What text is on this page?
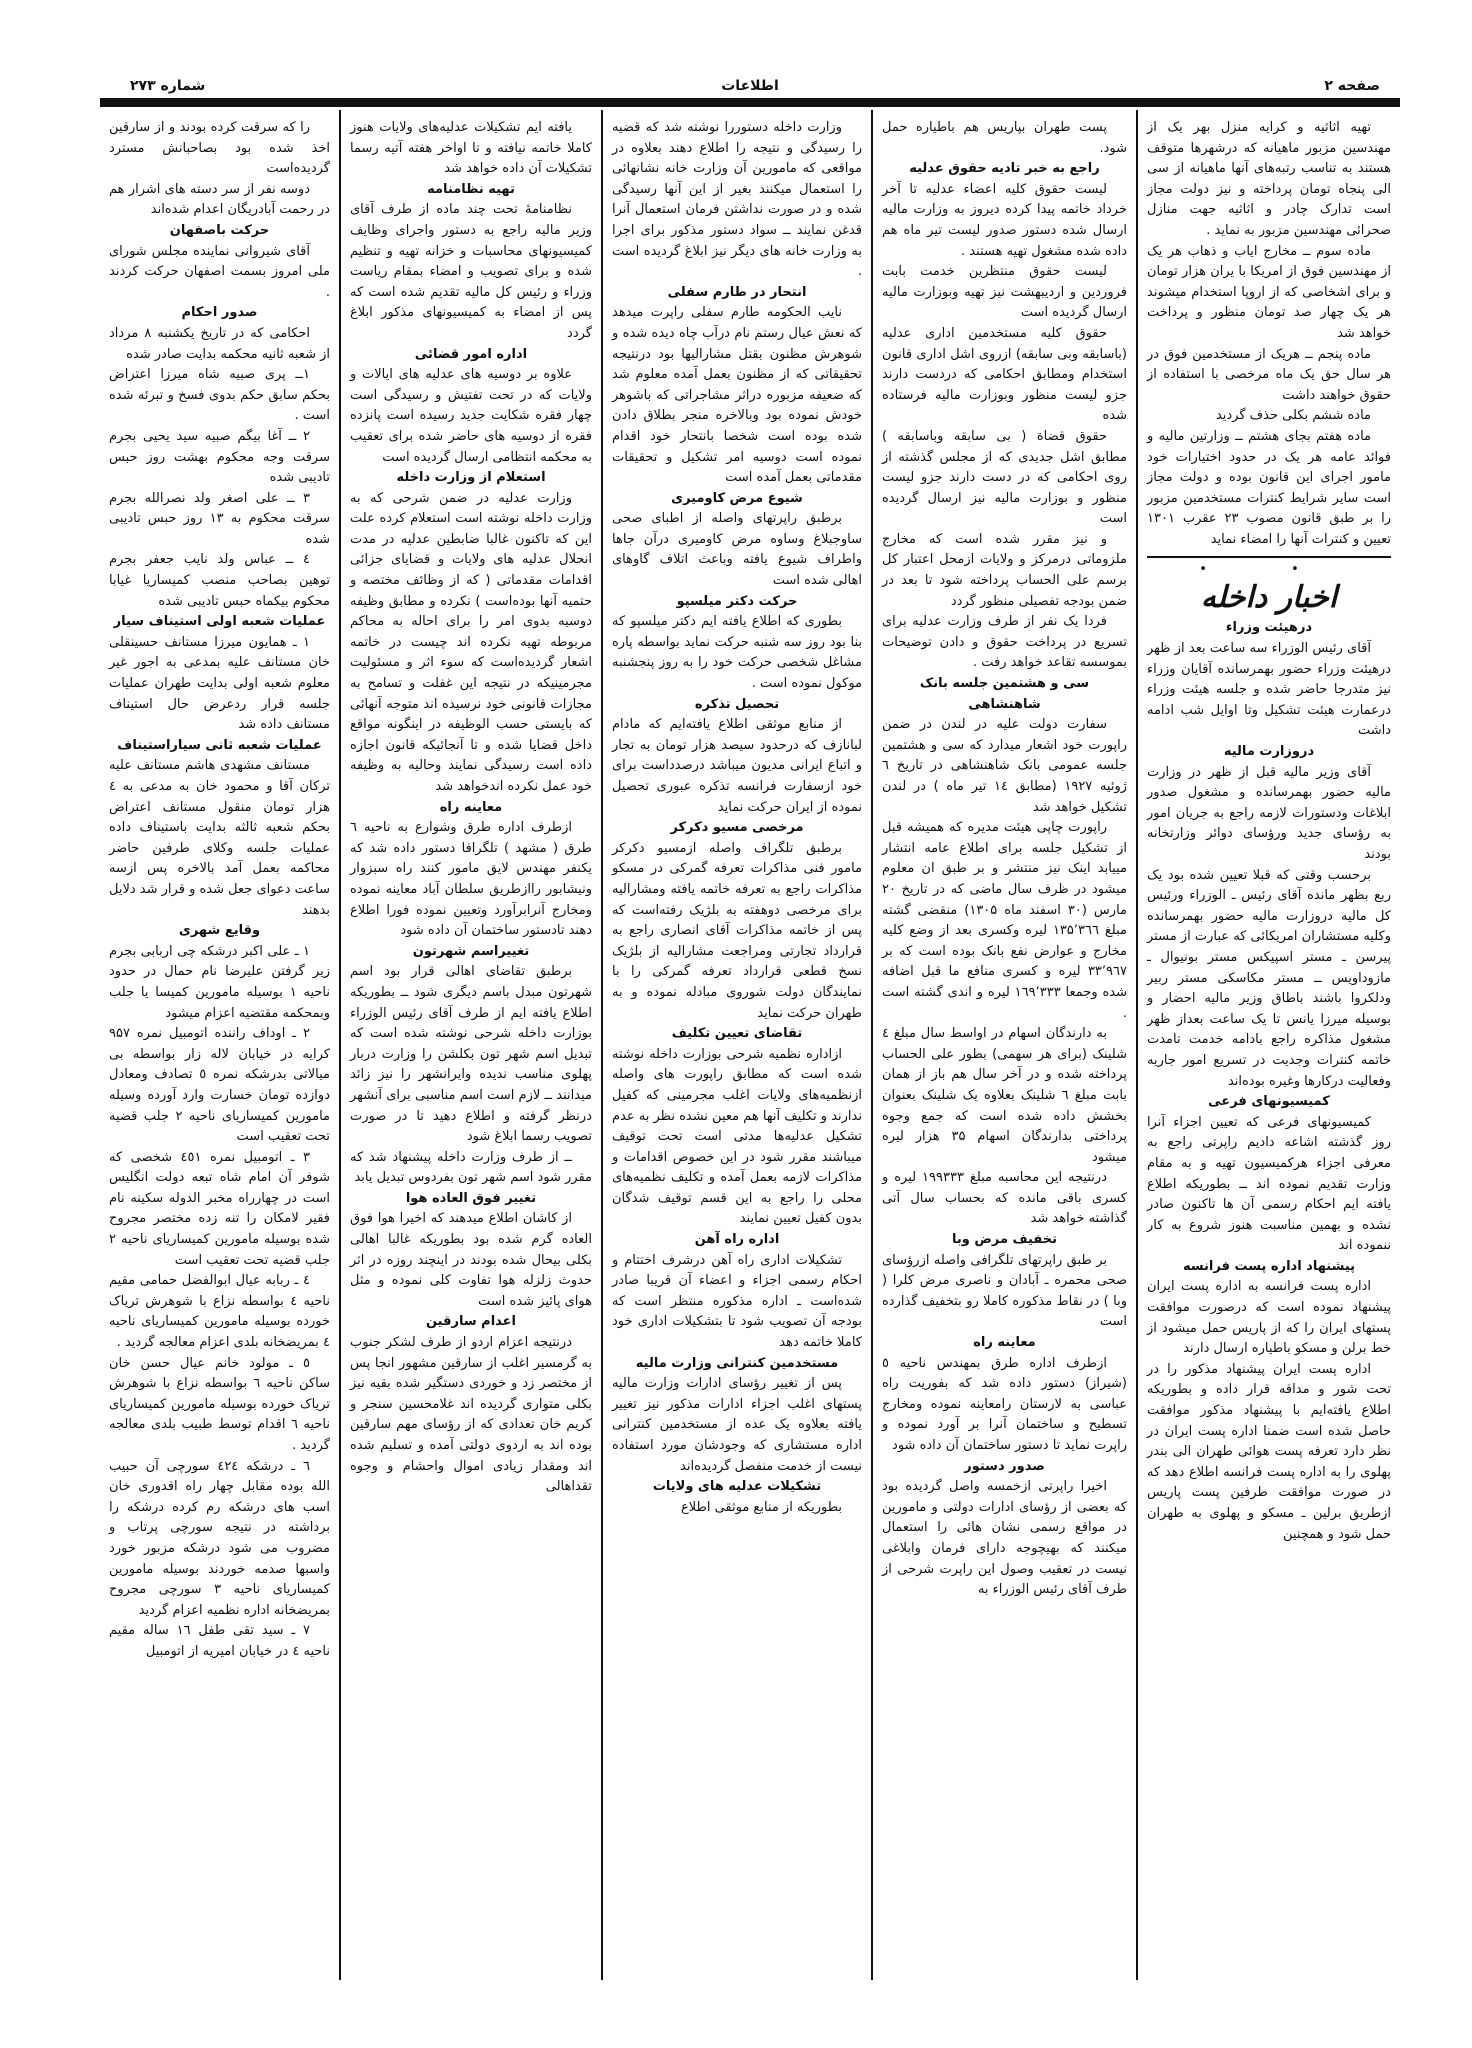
صفحه ۲
اطلاعات
شماره ۲۷۳

تهیه اثاثیه و کرایه منزل بهر یک از مهندسین مزبور ماهیانه که درشهرها متوقف هستند به تناسب رتبه‌های آنها ماهیانه از سی الی پنجاه تومان پرداخته و نیز دولت مجاز است تدارک چادر و اثاثیه جهت منازل صحرائی مهندسین مزبور به نماید .

ماده سوم ــ مخارج ایاب و ذهاب هر یک از مهندسین فوق از امریکا با یران هزار تومان و برای اشخاصی که از اروپا استخدام میشوند هر یک چهار صد تومان منظور و پرداخت خواهد شد

ماده پنجم ــ هریک از مستخدمین فوق در هر سال حق یک ماه مرخصی با استفاده از حقوق خواهند داشت

ماده ششم بکلی حذف گردید

ماده هفتم بجای هشتم ــ وزارتین مالیه و فوائد عامه هر یک در حدود اختیارات خود مامور اجرای این قانون بوده و دولت مجاز است سایر شرایط کنترات مستخدمین مزبور را بر طبق قانون مصوب ۲۳ عقرب ۱۳۰۱ تعیین و کنترات آنها را امضاء نماید

• •
اخبار داخله
درهیئت وزراء

آقای رئیس الوزراء سه ساعت بعد از ظهر درهیئت وزراء حضور بهمرسانده آقایان وزراء نیز متدرجا حاضر شده و جلسه هیئت وزراء درعمارت هیئت تشکیل وتا اوایل شب ادامه داشت

دروزارت مالیه

آقای وزیر مالیه قبل از ظهر در وزارت مالیه حضور بهمرسانده و مشغول صدور ابلاغات ودستورات لازمه راجع به جریان امور به رؤسای جدید ورؤسای دوائر وزارتخانه بودند

برحسب وقتی که قبلا تعیین شده بود یک ربع بظهر مانده آقای رئیس ـ الوزراء ورئیس کل مالیه دروزارت مالیه حضور بهمرسانده وکلیه مستشاران امریکائی که عبارت از مستر پیرسن ـ مستر اسپیکس مستر بونیوال ـ مازوداویس ــ مستر مکاسکی مستر ربیر ودلکروا باشند باطاق وزیر مالیه احضار و بوسیله میرزا یانس تا یک ساعت بعداز ظهر مشغول مذاکره راجع بادامه خدمت تامدت خاتمه کنترات وجدیت در تسریع امور جاریه وفعالیت درکارها وغیره بوده‌اند

کمیسیونهای فرعی

کمیسیونهای فرعی که تعیین اجزاء آنرا روز گذشته اشاعه دادیم راپرتی راجع به معرفی اجزاء هرکمیسیون تهیه و به مقام وزارت تقدیم نموده اند ــ بطوریکه اطلاع یافته ایم احکام رسمی آن ها تاکنون صادر نشده و بهمین مناسبت هنوز شروع به کار ننموده اند

پیشنهاد اداره پست فرانسه

اداره پست فرانسه به اداره پست ایران پیشنهاد نموده است که درصورت موافقت پستهای ایران را که از پاریس حمل میشود از خط برلن و مسکو باطیاره ارسال دارند

اداره پست ایران پیشنهاد مذکور را در تحت شور و مداقه قرار داده و بطوریکه اطلاع یافته‌ایم با پیشنهاد مذکور موافقت حاصل شده است ضمنا اداره پست ایران در نظر دارد تعرفه پست هوائی طهران الی بندر پهلوی را به اداره پست فرانسه اطلاع دهد که در صورت موافقت طرفین پست پاریس ازطریق برلین ـ مسکو و پهلوی به طهران حمل شود و همچنین

پست طهران بپاریس هم باطیاره حمل شود.

راجع به خبر تادیه حقوق عدلیه

لیست حقوق کلیه اعضاء عدلیه تا آخر خرداد خاتمه پیدا کرده دیروز به وزارت مالیه ارسال شده دستور صدور لیست تیر ماه هم داده شده مشغول تهیه هستند .

لیست حقوق منتظرین خدمت بابت فروردین و اردیبهشت نیز تهیه وبوزارت مالیه ارسال گردیده است

حقوق کلیه مستخدمین اداری عدلیه (باسابقه وبی سابقه) ازروی اشل اداری قانون استخدام ومطابق احکامی که دردست دارند جزو لیست منظور وبوزارت مالیه فرستاده شده

حقوق قضاة ( بی سابقه وباسابقه ) مطابق اشل جدیدی که از مجلس گذشته از روی احکامی که در دست دارند جزو لیست منظور و بوزارت مالیه نیز ارسال گردیده است

و نیز مقرر شده است که مخارج ملزوماتی درمرکز و ولایات ازمحل اعتبار کل برسم علی الحساب پرداخته شود تا بعد در ضمن بودجه تفصیلی منظور گردد

فردا یک نفر از طرف وزارت عدلیه برای تسریع در پرداخت حقوق و دادن توضیحات بموسسه تقاعد خواهد رفت .

سی و هشتمین جلسه بانک شاهنشاهی

سفارت دولت علیه در لندن در ضمن راپورت خود اشعار میدارد که سی و هشتمین جلسه عمومی بانک شاهنشاهی در تاریخ ٦ ژوئیه ۱۹۲۷ (مطابق ۱٤ تیر ماه ) در لندن تشکیل خواهد شد

راپورت چاپی هیئت مدیره که همیشه قبل از تشکیل جلسه برای اطلاع عامه انتشار مییابد اینک نیز منتشر و بر طبق ان معلوم میشود در ظرف سال ماضی که در تاریخ ۲۰ مارس (۳۰ اسفند ماه ۱۳۰۵) منقضی گشته مبلغ ۱۳۵٬۳٦٦ لیره وکسری بعد از وضع کلیه مخارج و عوارض نفع بانک بوده است که بر ۳۳٬۹٦۷ لیره و کسری منافع ما قبل اضافه شده وجمعا ۱٦۹٬۳۳۳ لیره و اندی گشته است .

به دارندگان اسهام در اواسط سال مبلغ ٤ شلینک (برای هر سهمی) بطور علی الحساب پرداخته شده و در آخر سال هم باز از همان بابت مبلغ ٦ شلینک بعلاوه یک شلینک بعنوان بخشش داده شده است که جمع وجوه پرداختی بدارندگان اسهام ۳۵ هزار لیره میشود

درنتیجه این محاسبه مبلغ ۱۹۹۳۳۳ لیره و کسری باقی مانده که بحساب سال آتی گذاشته خواهد شد

تخفیف مرض وبا

بر طبق راپرتهای تلگرافی واصله ازرؤسای صحی محمره ـ آبادان و ناصری مرض کلرا ( وبا ) در نقاط مذکوره کاملا رو بتخفیف گذارده است

معاینه راه

ازطرف اداره طرق بمهندس ناحیه ٥ (شیراز) دستور داده شد که بفوریت راه عباسی به لارستان رامعاینه نموده ومخارج تسطیح و ساختمان آنرا بر آورد نموده و راپرت نماید تا دستور ساختمان آن داده شود

صدور دستور

اخیرا راپرتی ازخمسه واصل گردیده بود که بعضی از رؤسای ادارات دولتی و مامورین در مواقع رسمی نشان هائی را استعمال میکنند که بهیچوجه دارای فرمان وابلاغی نیست در تعقیب وصول این راپرت شرحی از طرف آقای رئیس الوزراء به

وزارت داخله دستوررا نوشته شد که قضیه را رسیدگی و نتیجه را اطلاع دهند بعلاوه در مواقعی که مامورین آن وزارت خانه نشانهائی را استعمال میکنند بغیر از این آنها رسیدگی شده و در صورت نداشتن فرمان استعمال آنرا قدغن نمایند ــ سواد دستور مذکور برای اجرا به وزارت خانه های دیگر نیز ابلاغ گردیده است .

انتحار در طارم سفلی

نایب الحکومه طارم سفلی راپرت میدهد که نعش عیال رستم نام درآب چاه دیده شده و شوهرش مظنون بقتل مشارالیها بود درنتیجه تحقیقاتی که از مظنون بعمل آمده معلوم شد که ضعیفه مزبوره دراثر مشاجراتی که باشوهر خودش نموده بود وبالاخره منجر بطلاق دادن شده بوده است شخصا بانتحار خود اقدام نموده است دوسیه امر تشکیل و تحقیقات مقدماتی بعمل آمده است

شیوع مرض کاومیری

برطبق راپرتهای واصله از اطبای صحی ساوجبلاغ وساوه مرض کاومیری درآن جاها واطراف شیوع یافته وباعث اتلاف گاوهای اهالی شده است

حرکت دکتر میلسپو

بطوری که اطلاع یافته ایم دکتر میلسپو که بنا بود روز سه شنبه حرکت نماید بواسطه پاره مشاغل شخصی حرکت خود را به روز پنجشنبه موکول نموده است .

تحصیل تذکره

از منابع موثقی اطلاع یافته‌ایم که مادام لبانازف که درحدود سیصد هزار تومان به تجار و اتباع ایرانی مدیون میباشد درصدداست برای خود ازسفارت فرانسه تذکره عبوری تحصیل نموده از ایران حرکت نماید

مرخصی مسیو دکرکر

برطبق تلگراف واصله ازمسیو دکرکر مامور فنی مذاکرات تعرفه گمرکی در مسکو مذاکرات راجع به تعرفه خاتمه یافته ومشارالیه برای مرخصی دوهفته به بلژیک رفته‌است که پس از خاتمه مذاکرات آقای انصاری راجع به قرارداد تجارتی ومراجعت مشارالیه از بلژیک نسخ قطعی قرارداد تعرفه گمرکی را با نمایندگان دولت شوروی مبادله نموده و به طهران حرکت نماید

تقاضای تعیین تکلیف

ازاداره نظمیه شرحی بوزارت داخله نوشته شده است که مطابق راپورت های واصله ازنظمیه‌های ولایات اغلب مجرمینی که کفیل ندارند و تکلیف آنها هم معین نشده نظر به عدم تشکیل عدلیه‌ها مدتی است تحت توقیف میباشند مقرر شود در این خصوص اقدامات و مذاکرات لازمه بعمل آمده و تکلیف نظمیه‌های محلی را راجع به این قسم توقیف شدگان بدون کفیل تعیین نمایند

اداره راه آهن

تشکیلات اداری راه آهن درشرف اختتام و احکام رسمی اجزاء و اعضاء آن قریبا صادر شده‌است ـ اداره مذکوره منتظر است که بودجه آن تصویب شود تا بتشکیلات اداری خود کاملا خاتمه دهد

مستخدمین کنترانی وزارت مالیه

پس از تغییر رؤسای ادارات وزارت مالیه پستهای اغلب اجزاء ادارات مذکور نیز تغییر یافته بعلاوه یک عده از مستخدمین کنترانی اداره مستشاری که وجودشان مورد استفاده نیست از خدمت منفصل گردیده‌اند

تشکیلات عدلیه های ولایات

بطوریکه از منابع موثقی اطلاع

یافته ایم تشکیلات عدلیه‌های ولایات هنوز کاملا خاتمه نیافته و تا اواخر هفته آتیه رسما تشکیلات آن داده خواهد شد

تهیه نظامنامه

نظامنامهٔ تحت چند ماده از طرف آقای وزیر مالیه راجع به دستور واجرای وظایف کمیسیونهای محاسبات و خزانه تهیه و تنظیم شده و برای تصویب و امضاء بمقام ریاست وزراء و رئیس کل مالیه تقدیم شده است که پس از امضاء به کمیسیونهای مذکور ابلاغ گردد

اداره امور قضائی

علاوه بر دوسیه های عدلیه های ایالات و ولایات که در تحت تفتیش و رسیدگی است چهار فقره شکایت جدید رسیده است پانزده فقره از دوسیه های حاضر شده برای تعقیب به محکمه انتظامی ارسال گردیده است

استعلام از وزارت داخله

وزارت عدلیه در ضمن شرحی که به وزارت داخله نوشته است استعلام کرده علت این که تاکنون غالبا ضابطین عدلیه در مدت انحلال عدلیه های ولایات و قضایای جزائی اقدامات مقدماتی ( که از وظائف مختصه و حتمیه آنها بوده‌است ) نکرده و مطابق وظیفه دوسیه بدوی امر را برای احاله به محاکم مربوطه تهیه نکرده اند چیست در خاتمه اشعار گردیده‌است که سوء اثر و مسئولیت مجرمینیکه در نتیجه این غفلت و تسامح به مجازات قانونی خود نرسیده اند متوجه آنهائی که بایستی حسب الوظیفه در اینگونه مواقع داخل قضایا شده و تا آنجائیکه قانون اجازه داده است رسیدگی نمایند وحالیه به وظیفه خود عمل نکرده اندخواهد شد

معاینه راه

ازطرف اداره طرق وشوارع به ناحیه ٦ طرق ( مشهد ) تلگرافا دستور داده شد که یکنفر مهندس لایق مامور کنند راه سبزوار ونیشابور راازطریق سلطان آباد معاینه نموده ومخارج آنرابرآورد وتعیین نموده فورا اطلاع دهند تادستور ساختمان آن داده شود

تغییراسم شهرتون

برطبق تقاضای اهالی قرار بود اسم شهرتون مبدل باسم دیگری شود ــ بطوریکه اطلاع یافته ایم از طرف آقای رئیس الوزراء بوزارت داخله شرحی نوشته شده است که تبدیل اسم شهر تون بکلشن را وزارت دربار پهلوی مناسب ندیده وایرانشهر را نیز زائد میدانند ــ لازم است اسم مناسبی برای آنشهر درنظر گرفته و اطلاع دهید تا در صورت تصویب رسما ابلاغ شود

ــ از طرف وزارت داخله پیشنهاد شد که مقرر شود اسم شهر تون بفردوس تبدیل یابد

تغییر فوق العاده هوا

از کاشان اطلاع میدهند که اخیرا هوا فوق العاده گرم شده بود بطوریکه غالبا اهالی بکلی بیحال شده بودند در اینچند روزه در اثر حدوث زلزله هوا تفاوت کلی نموده و مثل هوای پائیز شده است

اعدام سارقین

درنتیجه اعزام اردو از طرف لشکر جنوب به گرمسیر اغلب از سارقین مشهور انجا پس از مختصر زد و خوردی دستگیر شده بقیه نیز بکلی متواری گردیده اند غلامحسین سنجر و کریم خان تعدادی که از رؤسای مهم سارقین بوده اند به اردوی دولتی آمده و تسلیم شده اند ومقدار زیادی اموال واحشام و وجوه تقداهالی

را که سرقت کرده بودند و از سارقین اخذ شده بود بصاحبانش مسترد گردیده‌است

دوسه نفر از سر دسته های اشرار هم در رحمت آبادریگان اعدام شده‌اند

حرکت باصفهان

آقای شیروانی نماینده مجلس شورای ملی امروز بسمت اصفهان حرکت کردند .

صدور احکام

احکامی که در تاریخ یکشنبه ۸ مرداد از شعبه ثانیه محکمه بدایت صادر شده

۱ــ پری صبیه شاه میرزا اعتراض بحکم سابق حکم بدوی فسخ و تبرئه شده است .

۲ ــ آغا بیگم صبیه سید یحیی بجرم سرقت وجه محکوم بهشت روز حبس تادیبی شده

۳ ــ علی اصغر ولد نصرالله بجرم سرقت محکوم به ۱۳ روز حبس تادیبی شده

٤ ــ عباس ولد نایب جعفر بجرم توهین بصاحب منصب کمیساریا غیابا محکوم بیکماه حبس تادیبی شده

عملیات شعبه اولی استیناف سیار

۱ ـ همایون میرزا مستانف حسینقلی خان مستانف علیه بمدعی به اجور غیر معلوم شعبه اولی بدایت طهران عملیات جلسه قرار ردعرض حال استیناف مستانف داده شد

عملیات شعبه ثانی سیاراستیناف

مستانف مشهدی هاشم مستانف علیه ترکان آقا و محمود خان به مدعی به ٤ هزار تومان منقول مستانف اعتراض بحکم شعبه ثالثه بدایت باستیناف داده عملیات جلسه وکلای طرفین حاضر محاکمه بعمل آمد بالاخره پس ازسه ساعت دعوای جعل شده و قرار شد دلایل بدهند

وقایع شهری

۱ ـ علی اکبر درشکه چی اربابی بجرم زیر گرفتن علیرضا نام حمال در حدود ناحیه ۱ بوسیله مامورین کمیسا یا جلب وبمحکمه مقتضیه اعزام میشود

۲ ـ اوداف راننده اتومبیل نمره ۹۵۷ کرایه در خیابان لاله زار بواسطه بی میالاتی بدرشکه نمره ٥ تصادف ومعادل دوازده تومان خسارت وارد آورده وسیله مامورین کمیساریای ناحیه ۲ جلب قضیه تحت تعقیب است

۳ ـ اتومبیل نمره ٤٥۱ شخصی که شوفر آن امام شاه تبعه دولت انگلیس است در چهارراه مخبر الدوله سکینه نام فقیر لامکان را تنه زده مختصر مجروح شده بوسیله مامورین کمیساریای ناحیه ۲ جلب قضیه تحت تعقیب است

٤ ـ ربابه عیال ابوالفضل حمامی مقیم ناحیه ٤ بواسطه نزاع با شوهرش تریاک خورده بوسیله مامورین کمیساریای ناحیه ٤ بمریضخانه بلدی اعزام معالجه گردید .

٥ ـ مولود خانم عیال حسن خان ساکن ناحیه ٦ بواسطه نزاع با شوهرش تریاک خورده بوسیله مامورین کمیساریای ناحیه ٦ اقدام توسط طبیب بلدی معالجه گردید .

٦ ـ درشکه ٤۲٤ سورچی آن حبیب الله بوده مقابل چهار راه اقدوری خان اسب های درشکه رم کرده درشکه را برداشته در نتیجه سورچی پرتاب و مضروب می شود درشکه مزبور خورد واسبها صدمه خوردند بوسیله مامورین کمیساریای ناحیه ۳ سورچی مجروح بمریضخانه اداره نظمیه اعزام گردید

۷ ـ سید تقی طفل ۱٦ ساله مقیم ناحیه ٤ در خیابان امیریه از اتومبیل
